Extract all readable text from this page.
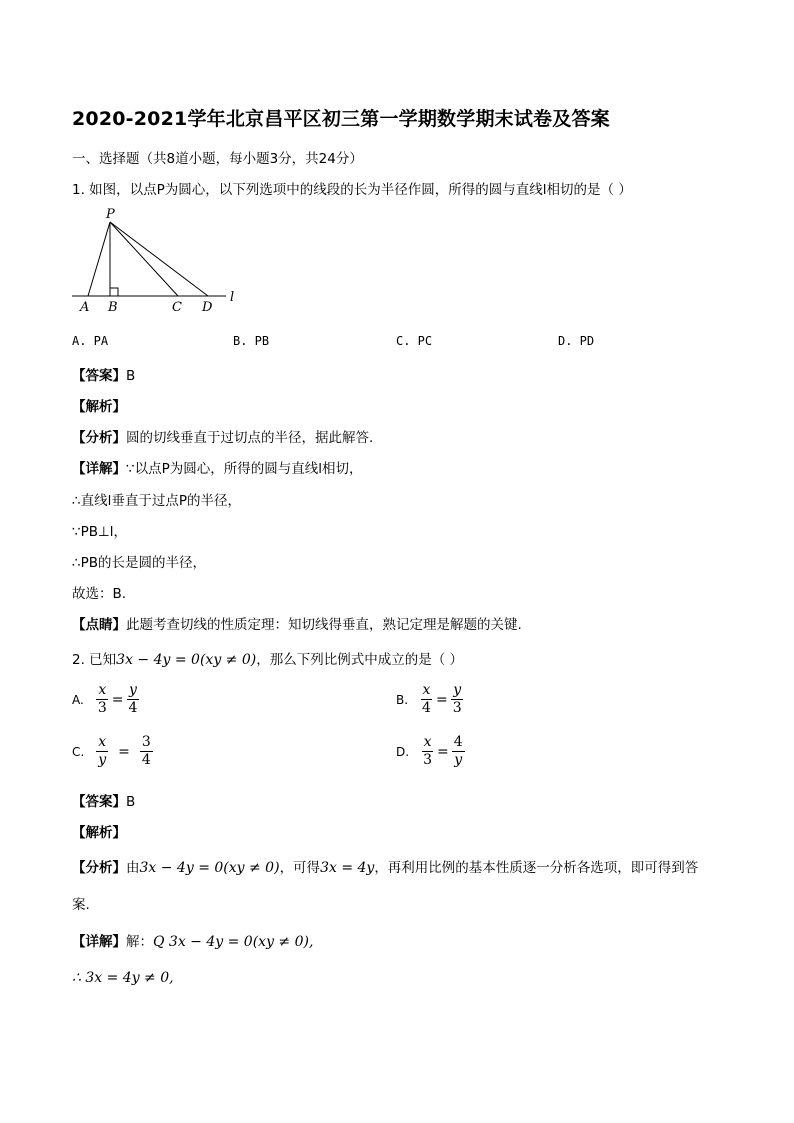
2020-2021学年北京昌平区初三第一学期数学期末试卷及答案
一、选择题（共8道小题，每小题3分，共24分）
1. 如图，以点P为圆心，以下列选项中的线段的长为半径作圆，所得的圆与直线l相切的是（ ）
P
A B	C D
l
A. PA	B. PB	C. PC	D. PD
【答案】B
【解析】
【分析】圆的切线垂直于过切点的半径，据此解答.
【详解】∵以点P为圆心，所得的圆与直线l相切，
∴直线l垂直于过点P的半径，
∵PB⊥l，
∴PB的长是圆的半径，
故选：B.
【点睛】此题考查切线的性质定理：知切线得垂直，熟记定理是解题的关键.
2. 已知3x − 4y = 0(xy ≠ 0)，那么下列比例式中成立的是（ ）
A. $\frac{x}{3} = \frac{y}{4}$	B. $\frac{x}{4} = \frac{y}{3}$
C. $\frac{x}{y} = \frac{3}{4}$	D. $\frac{x}{3} = \frac{4}{y}$
【答案】B
【解析】
【分析】由3x − 4y = 0(xy ≠ 0)，可得3x = 4y，再利用比例的基本性质逐一分析各选项，即可得到答
案.
【详解】解：Q 3x − 4y = 0(xy ≠ 0),
∴ 3x = 4y ≠ 0,
